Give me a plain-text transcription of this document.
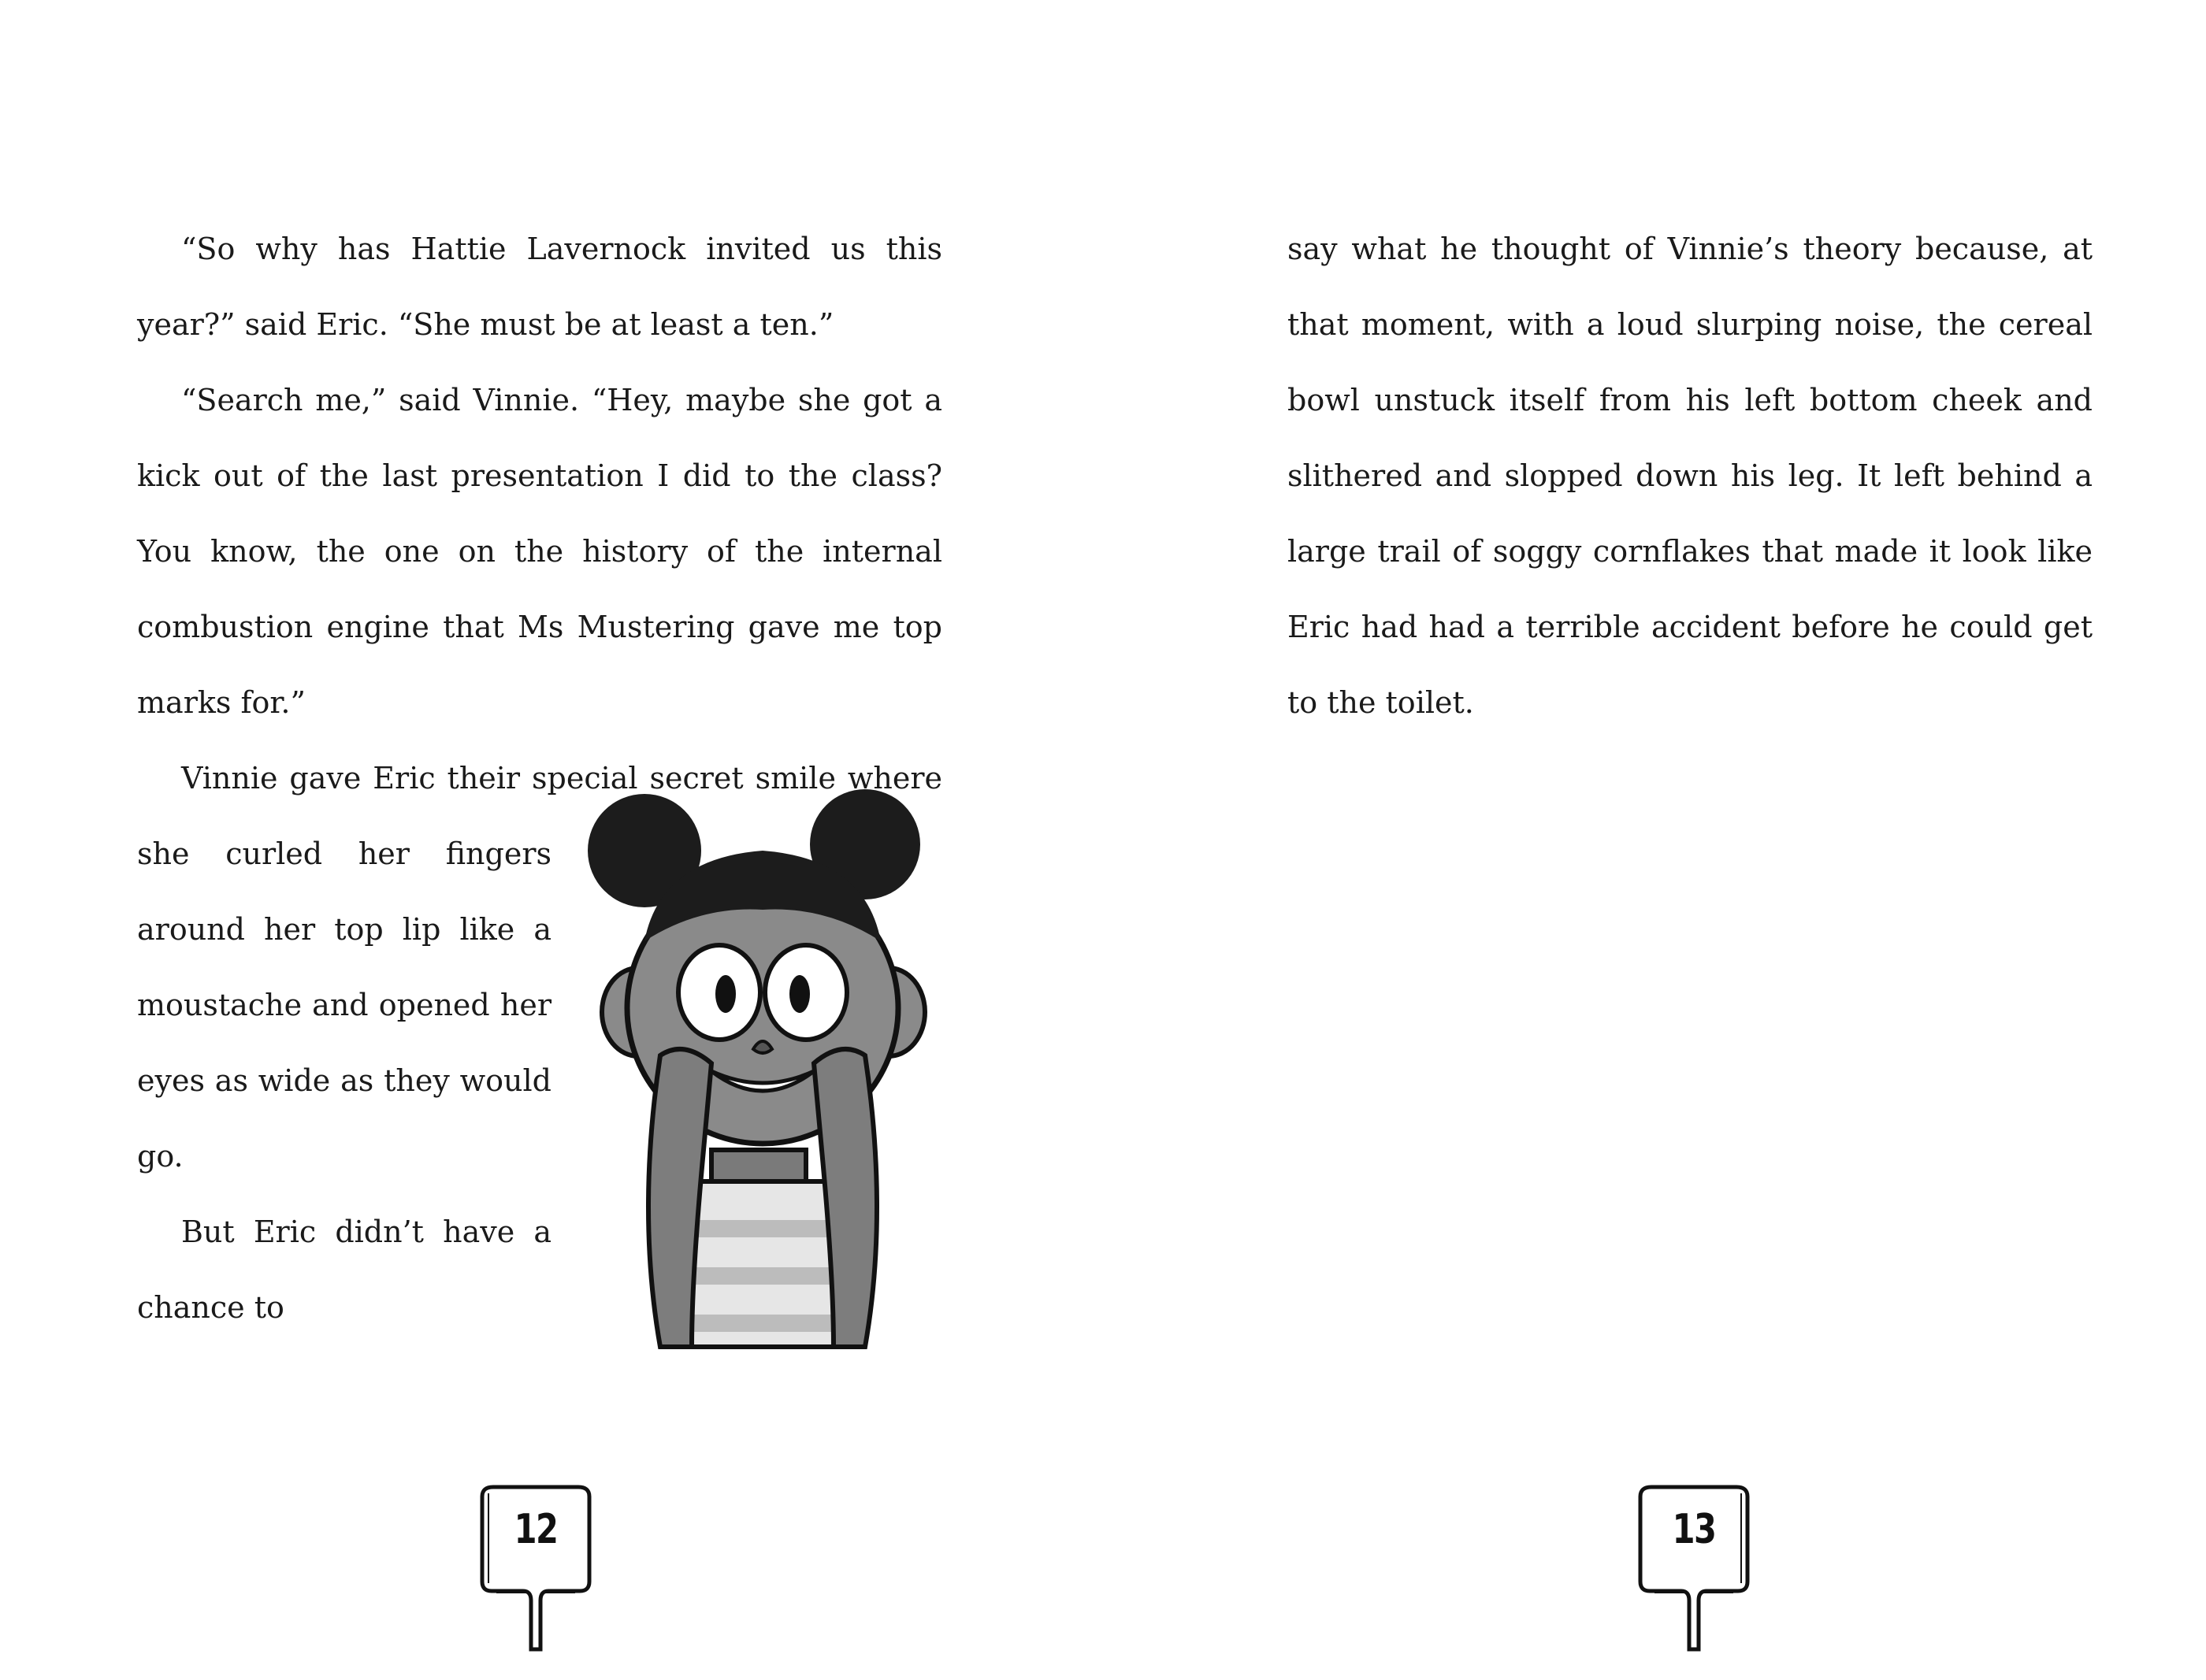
“So why has Hattie Lavernock invited us this year?” said Eric. “She must be at least a ten.”

“Search me,” said Vinnie. “Hey, maybe she got a kick out of the last presentation I did to the class? You know, the one on the history of the internal combustion engine that Ms Mustering gave me top marks for.”

Vinnie gave Eric their special secret smile where she curled her fingers around her top lip like a moustache and opened her eyes as wide as they would go.

But Eric didn’t have a chance to

12

say what he thought of Vinnie’s theory because, at that moment, with a loud slurping noise, the cereal bowl unstuck itself from his left bottom cheek and slithered and slopped down his leg. It left behind a large trail of soggy cornflakes that made it look like Eric had had a terrible accident before he could get to the toilet.

13
